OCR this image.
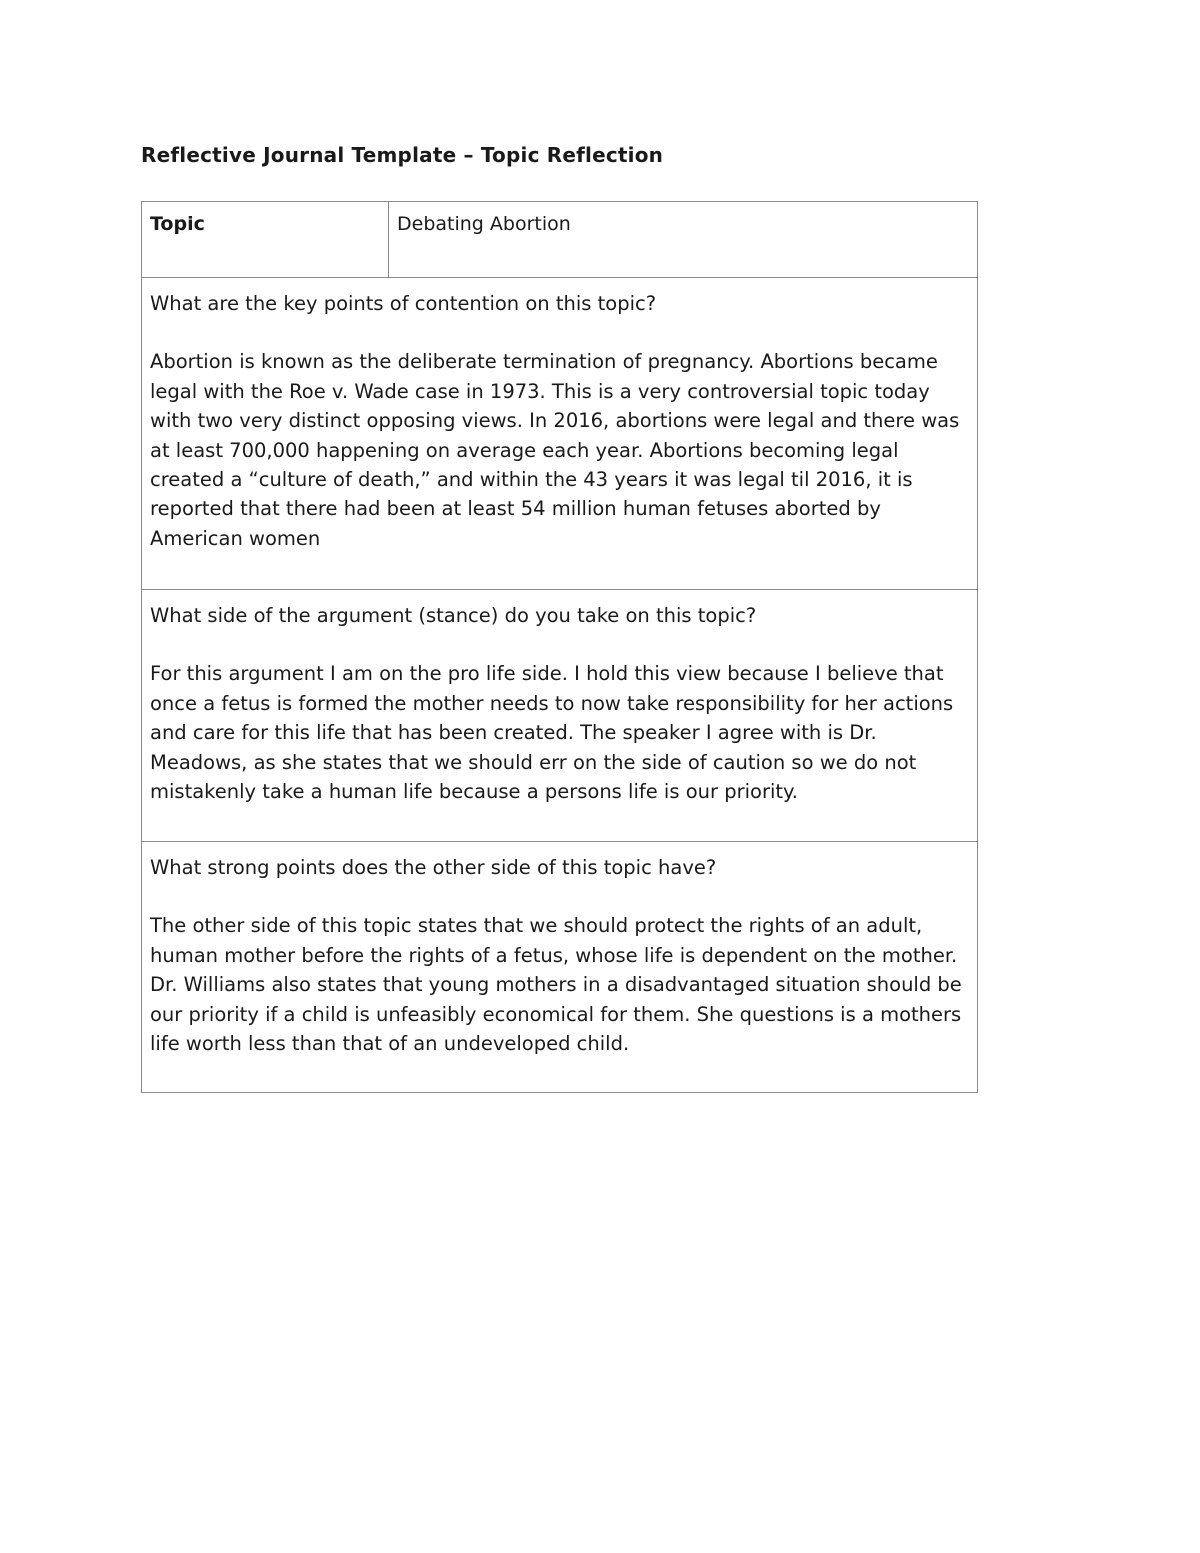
Reflective Journal Template – Topic Reflection
Topic	Debating Abortion

What are the key points of contention on this topic?

Abortion is known as the deliberate termination of pregnancy. Abortions became legal with the Roe v. Wade case in 1973. This is a very controversial topic today with two very distinct opposing views. In 2016, abortions were legal and there was at least 700,000 happening on average each year. Abortions becoming legal created a “culture of death,” and within the 43 years it was legal til 2016, it is reported that there had been at least 54 million human fetuses aborted by American women

What side of the argument (stance) do you take on this topic?

For this argument I am on the pro life side. I hold this view because I believe that once a fetus is formed the mother needs to now take responsibility for her actions and care for this life that has been created. The speaker I agree with is Dr. Meadows, as she states that we should err on the side of caution so we do not mistakenly take a human life because a persons life is our priority.

What strong points does the other side of this topic have?

The other side of this topic states that we should protect the rights of an adult, human mother before the rights of a fetus, whose life is dependent on the mother. Dr. Williams also states that young mothers in a disadvantaged situation should be our priority if a child is unfeasibly economical for them. She questions is a mothers life worth less than that of an undeveloped child.
